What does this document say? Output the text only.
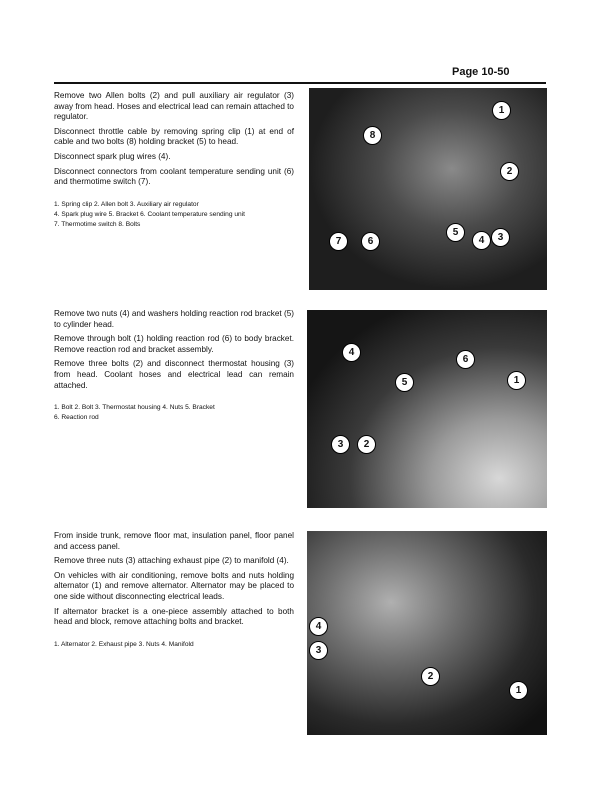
Page 10-50

Remove two Allen bolts (2) and pull auxiliary air regulator (3) away from head. Hoses and electrical lead can remain attached to regulator.

Disconnect throttle cable by removing spring clip (1) at end of cable and two bolts (8) holding bracket (5) to head.

Disconnect spark plug wires (4).

Disconnect connectors from coolant temperature sending unit (6) and thermotime switch (7).

1. Spring clip 2. Allen bolt 3. Auxiliary air regulator
4. Spark plug wire 5. Bracket 6. Coolant temperature sending unit
7. Thermotime switch 8. Bolts
1
8
2
7	6
5
4	3

Remove two nuts (4) and washers holding reaction rod bracket (5) to cylinder head.

Remove through bolt (1) holding reaction rod (6) to body bracket. Remove reaction rod and bracket assembly.

Remove three bolts (2) and disconnect thermostat housing (3) from head. Coolant hoses and electrical lead can remain attached.

1. Bolt 2. Bolt 3. Thermostat housing 4. Nuts 5. Bracket
6. Reaction rod
4
6
5	1
3	2

From inside trunk, remove floor mat, insulation panel, floor panel and access panel.

Remove three nuts (3) attaching exhaust pipe (2) to manifold (4).

On vehicles with air conditioning, remove bolts and nuts holding alternator (1) and remove alternator. Alternator may be placed to one side without disconnecting electrical leads.

If alternator bracket is a one-piece assembly attached to both head and block, remove attaching bolts and bracket.

1. Alternator 2. Exhaust pipe 3. Nuts 4. Manifold
4
3
2
1
